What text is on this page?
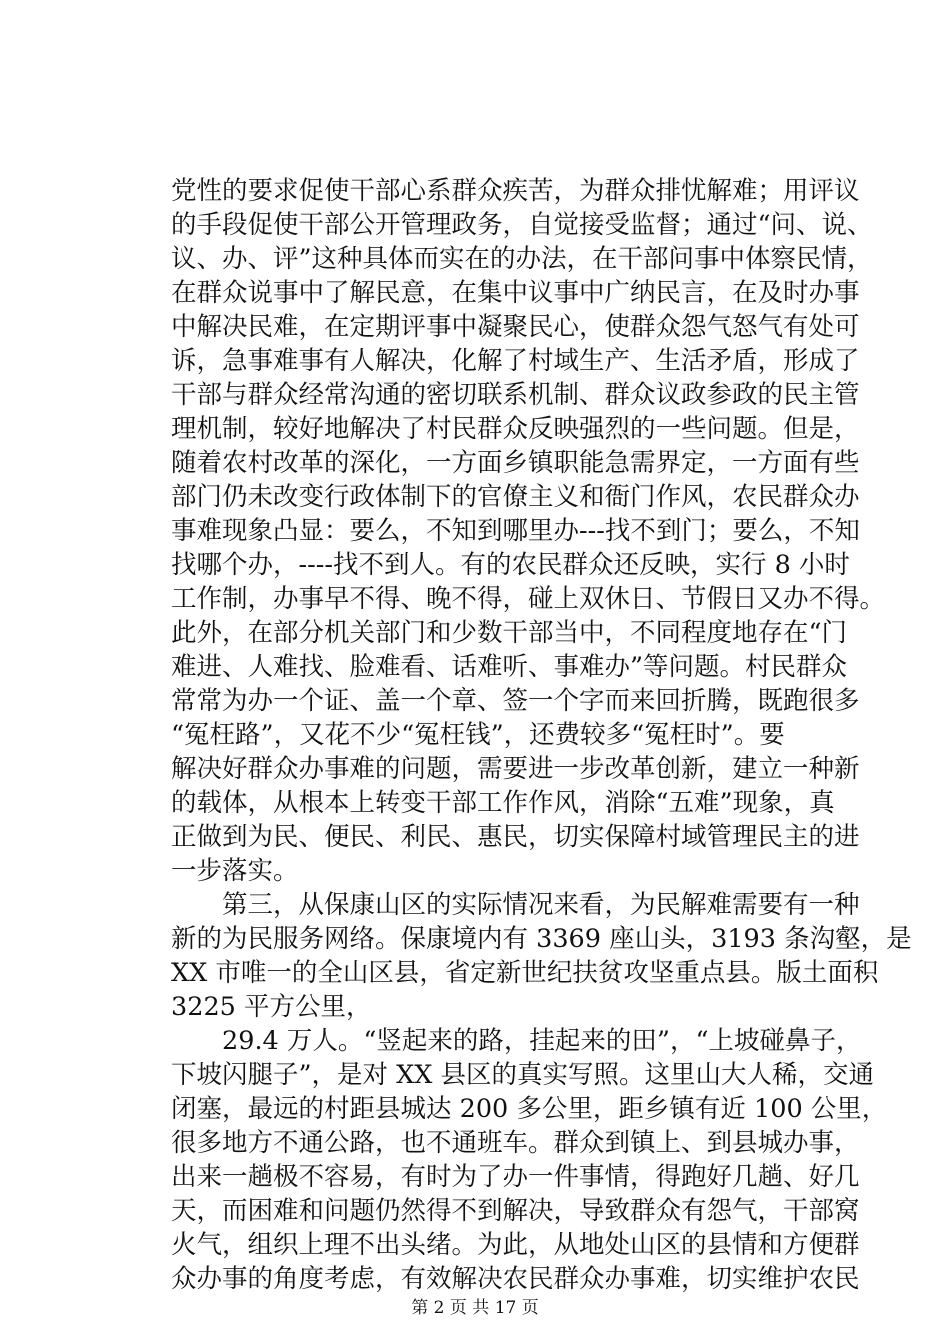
党性的要求促使干部心系群众疾苦，为群众排忧解难；用评议
的手段促使干部公开管理政务，自觉接受监督；通过“问、说、
议、办、评”这种具体而实在的办法，在干部问事中体察民情，
在群众说事中了解民意，在集中议事中广纳民言，在及时办事
中解决民难，在定期评事中凝聚民心，使群众怨气怒气有处可
诉，急事难事有人解决，化解了村域生产、生活矛盾，形成了
干部与群众经常沟通的密切联系机制、群众议政参政的民主管
理机制，较好地解决了村民群众反映强烈的一些问题。但是，
随着农村改革的深化，一方面乡镇职能急需界定，一方面有些
部门仍未改变行政体制下的官僚主义和衙门作风，农民群众办
事难现象凸显：要么，不知到哪里办---找不到门；要么，不知
找哪个办，----找不到人。有的农民群众还反映，实行 8 小时
工作制，办事早不得、晚不得，碰上双休日、节假日又办不得。
此外，在部分机关部门和少数干部当中，不同程度地存在“门
难进、人难找、脸难看、话难听、事难办”等问题。村民群众
常常为办一个证、盖一个章、签一个字而来回折腾，既跑很多
“冤枉路”，又花不少“冤枉钱”，还费较多“冤枉时”。要
解决好群众办事难的问题，需要进一步改革创新，建立一种新
的载体，从根本上转变干部工作作风，消除“五难”现象，真
正做到为民、便民、利民、惠民，切实保障村域管理民主的进
一步落实。
　　第三，从保康山区的实际情况来看，为民解难需要有一种
新的为民服务网络。保康境内有 3369 座山头，3193 条沟壑，是
XX 市唯一的全山区县，省定新世纪扶贫攻坚重点县。版土面积
3225 平方公里，
　　29.4 万人。“竖起来的路，挂起来的田”，“上坡碰鼻子，
下坡闪腿子”，是对 XX 县区的真实写照。这里山大人稀，交通
闭塞，最远的村距县城达 200 多公里，距乡镇有近 100 公里，
很多地方不通公路，也不通班车。群众到镇上、到县城办事，
出来一趟极不容易，有时为了办一件事情，得跑好几趟、好几
天，而困难和问题仍然得不到解决，导致群众有怨气，干部窝
火气，组织上理不出头绪。为此，从地处山区的县情和方便群
众办事的角度考虑，有效解决农民群众办事难，切实维护农民
第 2 页 共 17 页
